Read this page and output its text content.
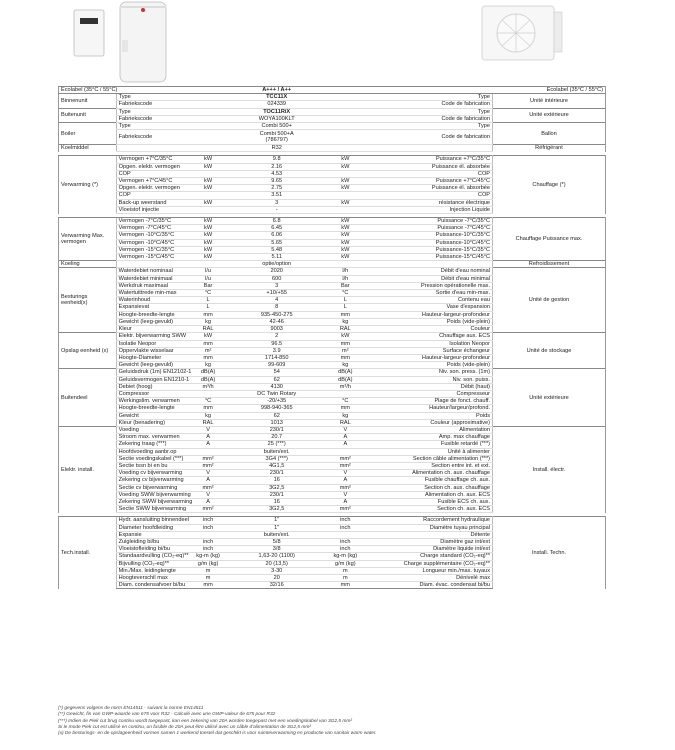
Ecolabel (35°C / 55°C)		A+++ / A++			Ecolabel (35°C / 55°C)	
Binnenunit	Type		TCC11X		Type	Unité intérieure
	Fabriekscode		024339		Code de fabrication	
Buitenunit	Type		TOC11RiX		Type	Unité extérieure
	Fabriekscode		WOYA100KLT		Code de fabrication	
Boiler	Type		Combi 500+		Type	Ballon
	Fabriekscode		Combi 500+A (786797)		Code de fabrication	
Koelmiddel			R32			Réfrigérant

Verwarming (*)	Vermogen +7°C/35°C	kW	9.8	kW	Puissance +7°C/35°C	Chauffage (*)
	Opgen. elektr. vermogen	kW	2.16	kW	Puissance él. absorbée	
	COP		4.53		COP	
	Vermogen +7°C/45°C	kW	9.65	kW	Puissance +7°C/45°C	
	Opgen. elektr. vermogen	kW	2.75	kW	Puissance él. absorbée	
	COP		3.51		COP	
	Back-up weerstand	kW	3	kW	résistance électrique	
	Vloeistof injectie		-		Injection Liquide	

Verwarming Max. vermogen	Vermogen -7°C/35°C	kW	6.8	kW	Puissance -7°C/35°C	Chauffage Puissance max.
	Vermogen -7°C/45°C	kW	6.45	kW	Puissance -7°C/45°C	
	Vermogen -10°C/35°C	kW	6.06	kW	Puissance-10°C/35°C	
	Vermogen -10°C/45°C	kW	5.65	kW	Puissance-10°C/45°C	
	Vermogen -15°C/35°C	kW	5.48	kW	Puissance-15°C/35°C	
	Vermogen -15°C/45°C	kW	5.11	kW	Puissance-15°C/45°C	
Koeling			optie/option			Refroidissement
Besturings eenheid(x)	Waterdebiet nominaal	l/u	2020	l/h	Débit d'eau nominal	Unité de gestion
	Waterdebiet minimaal	l/u	600	l/h	Débit d'eau minimal	
	Werkdruk maximaal	Bar	3	Bar	Pression opérationelle max.	
	Watertuittrede min-max	°C	+10/+55	°C	Sortie d'eau min-max.	
	Waterinhoud	L	4	L	Contenu eau	
	Expansievat	L	8	L	Vase d'expansion	
	Hoogte-breedte-lengte	mm	935-450-275	mm	Hauteur-largeur-profondeur	
	Gewicht (leeg-gevuld)	kg	42-46	kg	Poids (vide-plein)	
	Kleur	RAL	9003	RAL	Couleur	
Opslag eenheid (x)	Elektr. bijverwarming SWW	kW	2	kW	Chauffage aux. ECS	Unité de stockage
	Isolatie Neopor	mm	96.5	mm	Isolation Neopor	
	Oppervlakte wisselaar	m²	3.9	m²	Surface échangeur	
	Hoogte-Diameter	mm	1714-850	mm	Hauteur-largeur-profondeur	
	Gewicht (leeg-gevuld)	kg	99-609	kg	Poids (vide-plein)	
Buitendeel	Geluidsdruk (1m) EN12102-1	dB(A)	54	dB(A)	Niv. son. press. (1m)	Unité extérieure
	Geluidsvermogen EN1210-1	dB(A)	62	dB(A)	Niv. son. puiss.	
	Debiet (hoog)	m³/h	4130	m³/h	Débit (haut)	
	Compressor		DC Twin Rotary		Compresseur	
	Werkingslim. verwarmen	°C	-20/+35	°C	Plage de fonct. chauff.	
	Hoogte-breedte-lengte	mm	998-940-365	mm	Hauteur/largeur/profond.	
	Gewicht	kg	62	kg	Poids	
	Kleur (benadering)	RAL	1013	RAL	Couleur (approximative)	
Elektr. install.	Voeding	V	230/1	V	Alimentation	Install. électr.
	Stroom max. verwarmen	A	20.7	A	Amp. max chauffage	
	Zekering traag (***)	A	25 (***)	A	Fusible retardé (***)	
	Hoofdvoeding aanbr.op		buiten/ext.		Unité à alimenter	
	Sectie voedingskabel (***)	mm²	3G4 (***)	mm²	Section câble alimentation (***)	
	Sectie tssn bi en bu	mm²	4G1,5	mm²	Section entre int. et ext.	
	Voeding cv bijverwarming	V	230/1	V	Alimentation ch. aux. chauffage	
	Zekering cv bijverwarming	A	16	A	Fusible chauffage ch. aux.	
	Sectie cv bijverwarming	mm²	3G2,5	mm²	Section ch. aux. chauffage	
	Voeding SWW bijverwarming	V	230/1	V	Alimentation ch. aux. ECS	
	Zekering SWW bijverwarming	A	16	A	Fusible ECS ch. aux.	
	Sectie SWW bijverwarming	mm²	3G2,5	mm²	Section ch. aux. ECS	

Tech.install.	Hydr. aansluiting binnendeel	inch	1"	inch	Raccordement hydraulique	Install. Techn.
	Diameter hoofdleiding	inch	1"	inch	Diamètre tuyau principal	
	Expansie		buiten/ext.		Détente	
	Zuigleiding bi/bu	inch	5/8	inch	Diamètre gaz int/ext	
	Vloeistofleiding bi/bu	inch	3/8	inch	Diamètre liquide int/ext	
	Standaardvulling (CO₂-eq)**	kg-m (kg)	1,63-20 (1100)	kg-m (kg)	Charge standard (CO₂-eq)**	
	Bijvulling (CO₂-eq)**	g/m (kg)	20 (13,5)	g/m (kg)	Charge supplémentaire (CO₂-eq)**	
	Min./Max. leidinglengte	m	3-30	m	Longueur min./max. tuyaux	
	Hoogteverschil max	m	20	m	Dénivelé max	
	Diam. condensafvoer bi/bu	mm	32/16	mm	Diam. évac. condensat bi/bu	
(*) gegevens volgens de norm EN14511 - suivant la norme EN14511
(**) Gewicht, fin van GWP-waarde van 675 voor R32 - Calculé avec une GWP-valeur de 675 pour R32
(***) Indien de Piek cut brug continu wordt toegepast, kan een zekering van 20A worden toegepast met een voedingskabel van 3G2,5 mm²
Si le mode Piek cut est utilisé en continu, un fusible de 20A peut être utilisé avec un câble d'alimentation de 3G2,5 mm²
(x) De besturings- en de opslageenheid vormen samen 1 werkend toestel dat geschikt is voor ruimteverwarming en productie van sanitair warm water.
